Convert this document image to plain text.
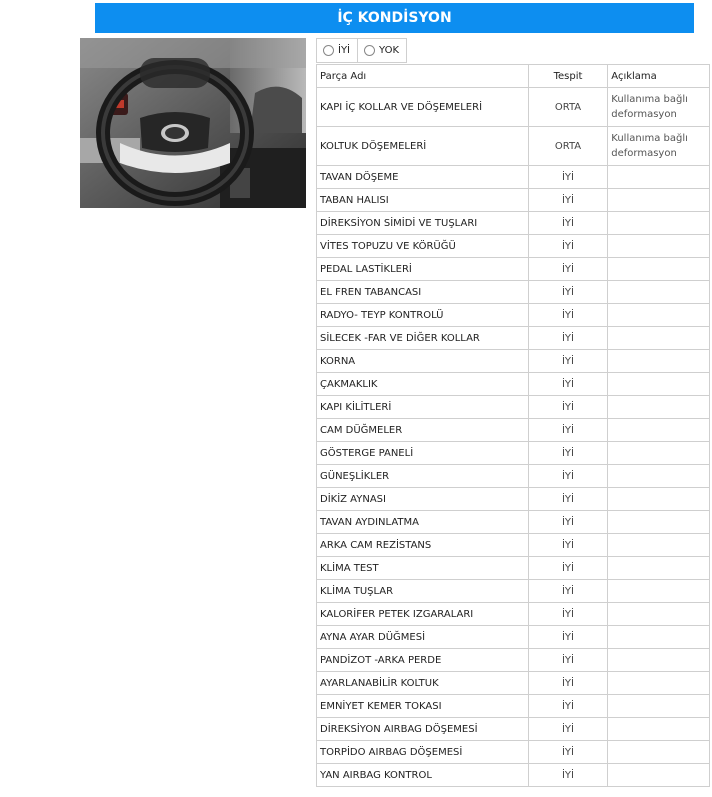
İÇ KONDİSYON
İYİ	YOK
Parça Adı	Tespit	Açıklama
KAPI İÇ KOLLAR VE DÖŞEMELERİ	ORTA	Kullanıma bağlı deformasyon
KOLTUK DÖŞEMELERİ	ORTA	Kullanıma bağlı deformasyon
TAVAN DÖŞEME	İYİ	
TABAN HALISI	İYİ	
DİREKSİYON SİMİDİ VE TUŞLARI	İYİ	
VİTES TOPUZU VE KÖRÜĞÜ	İYİ	
PEDAL LASTİKLERİ	İYİ	
EL FREN TABANCASI	İYİ	
RADYO- TEYP KONTROLÜ	İYİ	
SİLECEK -FAR VE DİĞER KOLLAR	İYİ	
KORNA	İYİ	
ÇAKMAKLIK	İYİ	
KAPI KİLİTLERİ	İYİ	
CAM DÜĞMELER	İYİ	
GÖSTERGE PANELİ	İYİ	
GÜNEŞLİKLER	İYİ	
DİKİZ AYNASI	İYİ	
TAVAN AYDINLATMA	İYİ	
ARKA CAM REZİSTANS	İYİ	
KLİMA TEST	İYİ	
KLİMA TUŞLAR	İYİ	
KALORİFER PETEK IZGARALARI	İYİ	
AYNA AYAR DÜĞMESİ	İYİ	
PANDİZOT -ARKA PERDE	İYİ	
AYARLANABİLİR KOLTUK	İYİ	
EMNİYET KEMER TOKASI	İYİ	
DİREKSİYON AIRBAG DÖŞEMESİ	İYİ	
TORPİDO AIRBAG DÖŞEMESİ	İYİ	
YAN AIRBAG KONTROL	İYİ	
